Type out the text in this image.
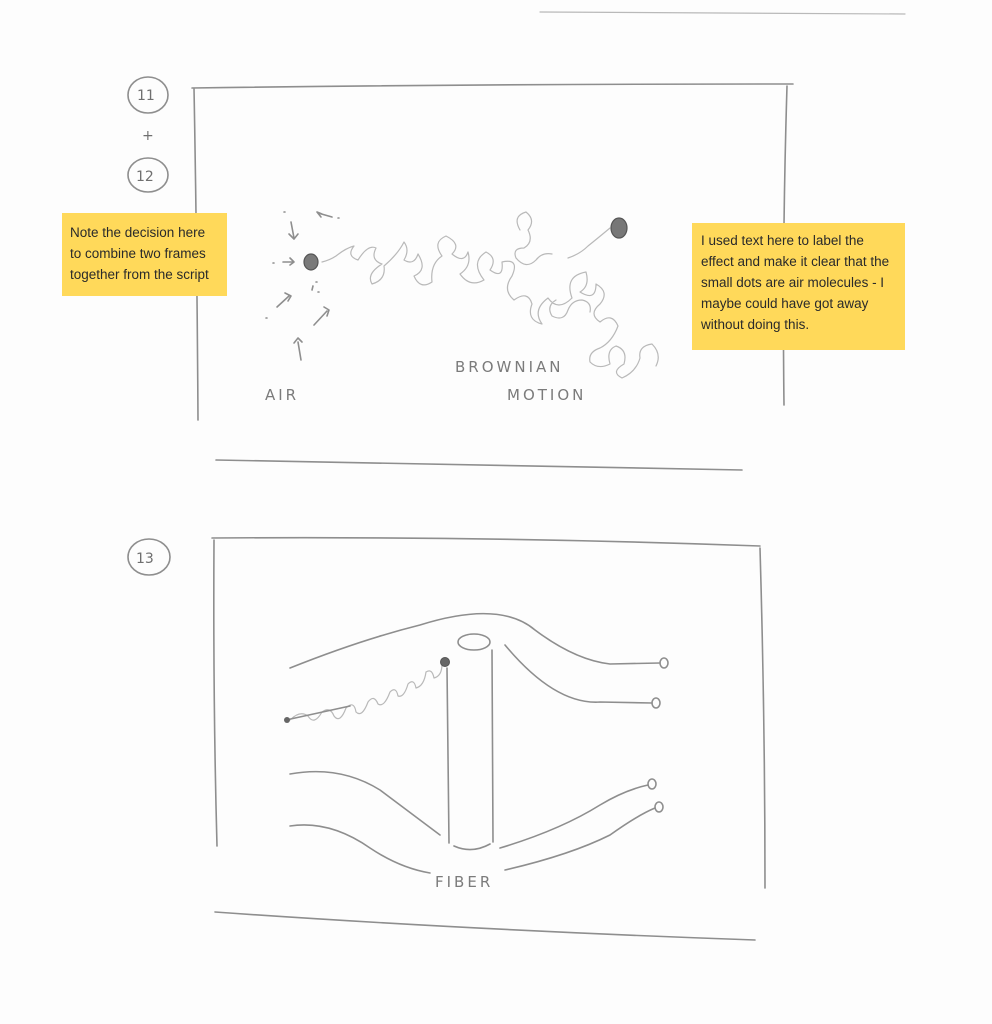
11
+
12
AIR
BROWNIAN
MOTION
13
FIBER
Note the decision here to combine two frames together from the script
I used text here to label the effect and make it clear that the small dots are air molecules - I maybe could have got away without doing this.
